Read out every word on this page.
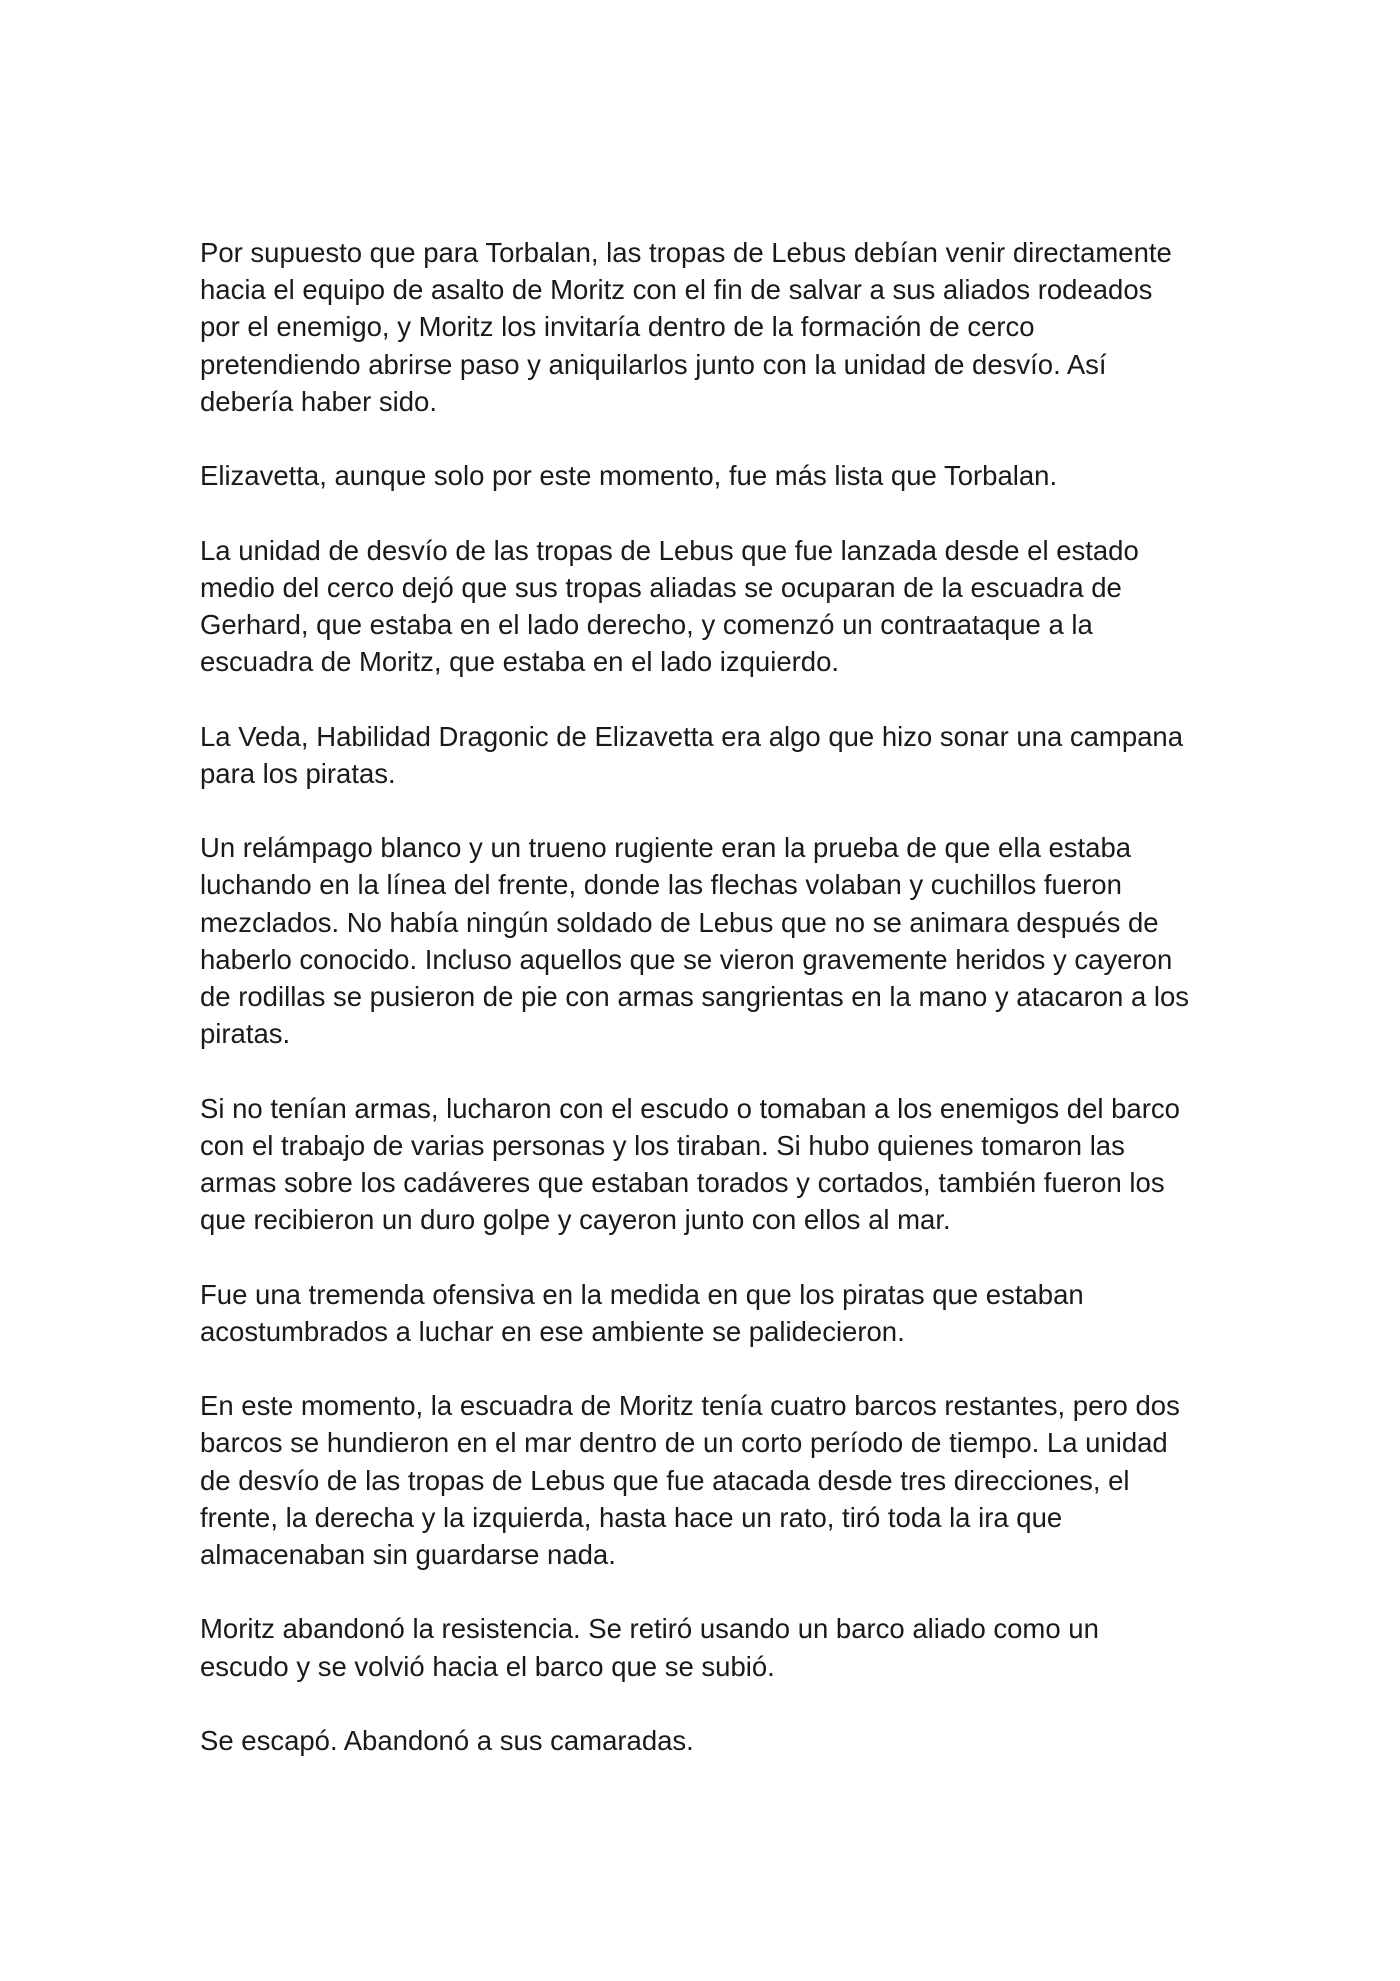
Por supuesto que para Torbalan, las tropas de Lebus debían venir directamente
hacia el equipo de asalto de Moritz con el fin de salvar a sus aliados rodeados
por el enemigo, y Moritz los invitaría dentro de la formación de cerco
pretendiendo abrirse paso y aniquilarlos junto con la unidad de desvío. Así
debería haber sido.

Elizavetta, aunque solo por este momento, fue más lista que Torbalan.

La unidad de desvío de las tropas de Lebus que fue lanzada desde el estado
medio del cerco dejó que sus tropas aliadas se ocuparan de la escuadra de
Gerhard, que estaba en el lado derecho, y comenzó un contraataque a la
escuadra de Moritz, que estaba en el lado izquierdo.

La Veda, Habilidad Dragonic de Elizavetta era algo que hizo sonar una campana
para los piratas.

Un relámpago blanco y un trueno rugiente eran la prueba de que ella estaba
luchando en la línea del frente, donde las flechas volaban y cuchillos fueron
mezclados. No había ningún soldado de Lebus que no se animara después de
haberlo conocido. Incluso aquellos que se vieron gravemente heridos y cayeron
de rodillas se pusieron de pie con armas sangrientas en la mano y atacaron a los
piratas.

Si no tenían armas, lucharon con el escudo o tomaban a los enemigos del barco
con el trabajo de varias personas y los tiraban. Si hubo quienes tomaron las
armas sobre los cadáveres que estaban torados y cortados, también fueron los
que recibieron un duro golpe y cayeron junto con ellos al mar.

Fue una tremenda ofensiva en la medida en que los piratas que estaban
acostumbrados a luchar en ese ambiente se palidecieron.

En este momento, la escuadra de Moritz tenía cuatro barcos restantes, pero dos
barcos se hundieron en el mar dentro de un corto período de tiempo. La unidad
de desvío de las tropas de Lebus que fue atacada desde tres direcciones, el
frente, la derecha y la izquierda, hasta hace un rato, tiró toda la ira que
almacenaban sin guardarse nada.

Moritz abandonó la resistencia. Se retiró usando un barco aliado como un
escudo y se volvió hacia el barco que se subió.

Se escapó. Abandonó a sus camaradas.
